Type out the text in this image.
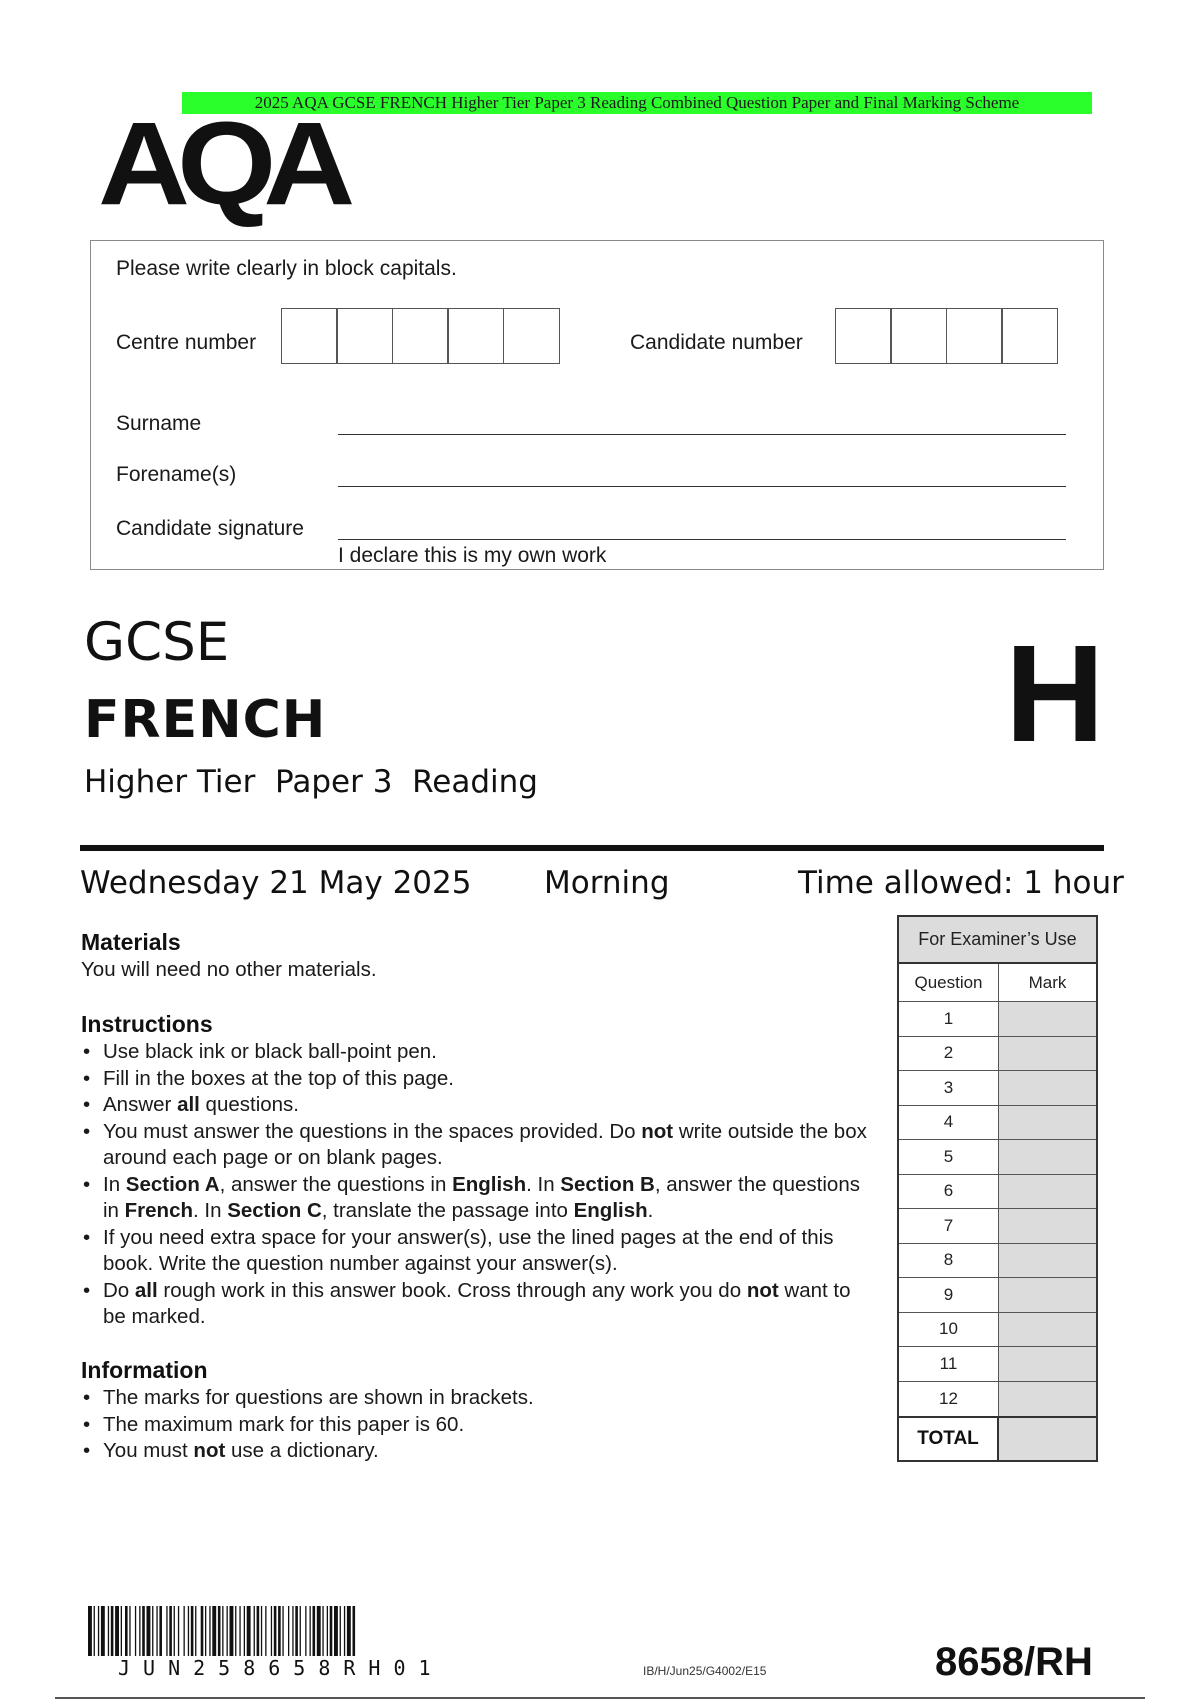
2025 AQA GCSE FRENCH Higher Tier Paper 3 Reading Combined Question Paper and Final Marking Scheme
AQA
Please write clearly in block capitals.
Centre number	Candidate number
Surname
Forename(s)
Candidate signature
I declare this is my own work
GCSE
FRENCH
Higher Tier  Paper 3  Reading
H
Wednesday 21 May 2025 Morning	Time allowed: 1 hour
Materials
You will need no other materials.
Instructions
• Use black ink or black ball-point pen.
• Fill in the boxes at the top of this page.
• Answer all questions.
• You must answer the questions in the spaces provided. Do not write outside the box around each page or on blank pages.
• In Section A, answer the questions in English. In Section B, answer the questions in French. In Section C, translate the passage into English.
• If you need extra space for your answer(s), use the lined pages at the end of this book. Write the question number against your answer(s).
• Do all rough work in this answer book. Cross through any work you do not want to be marked.
Information
• The marks for questions are shown in brackets.
• The maximum mark for this paper is 60.
• You must not use a dictionary.
For Examiner’s Use
Question	Mark
1
2
3
4
5
6
7
8
9
10
11
12
TOTAL
JUN258658RH01	IB/H/Jun25/G4002/E15	8658/RH
